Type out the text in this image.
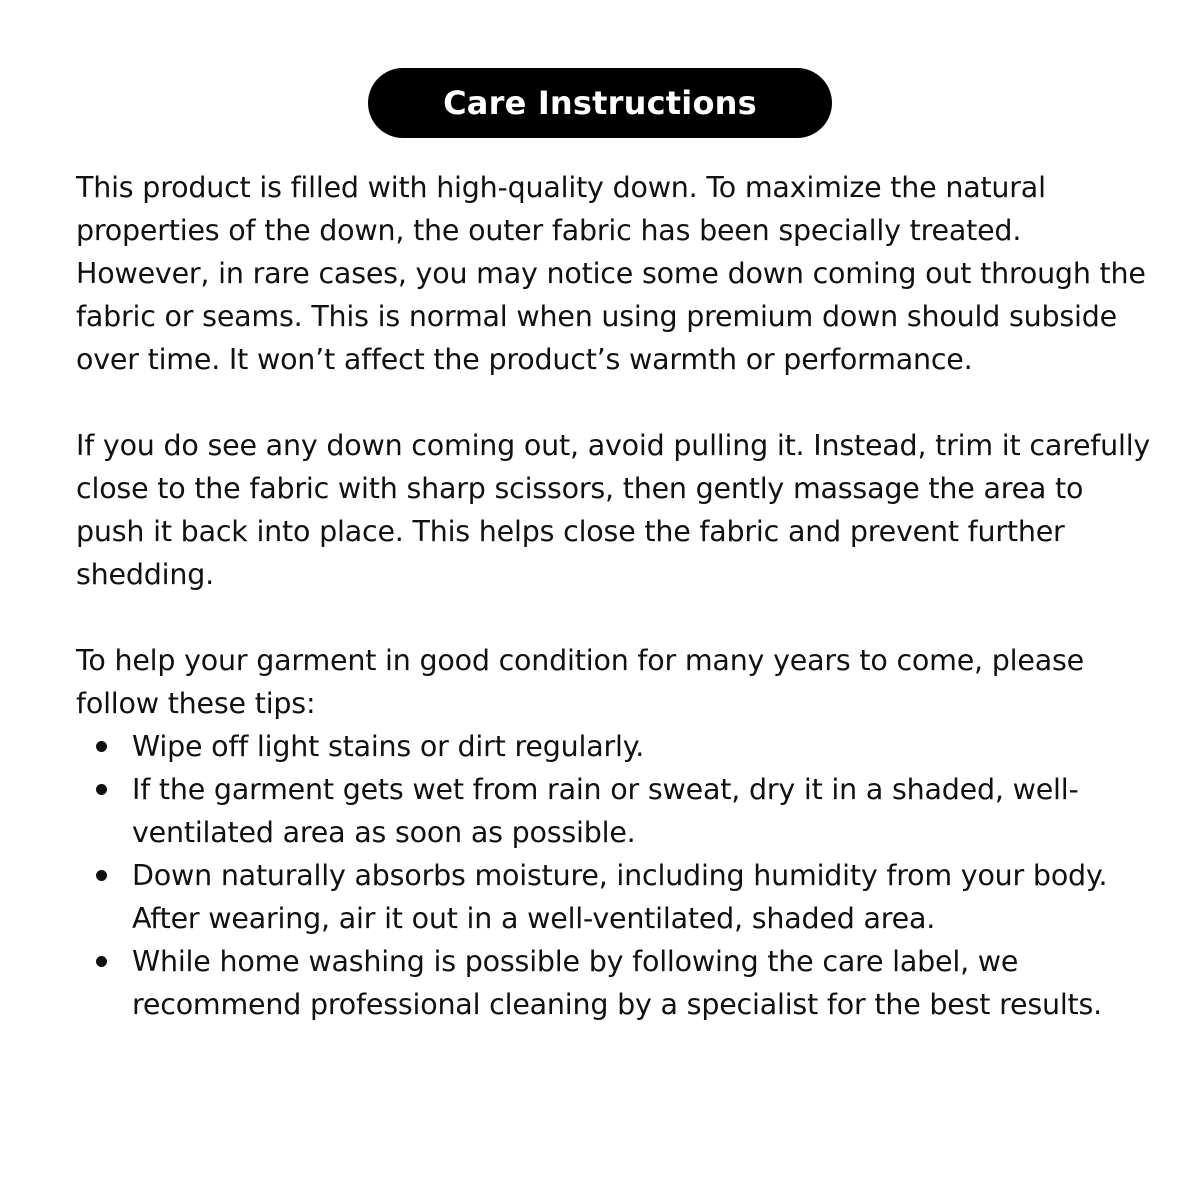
Care Instructions

This product is filled with high-quality down. To maximize the natural properties of the down, the outer fabric has been specially treated. However, in rare cases, you may notice some down coming out through the fabric or seams. This is normal when using premium down should subside over time. It won’t affect the product’s warmth or performance.

If you do see any down coming out, avoid pulling it. Instead, trim it carefully close to the fabric with sharp scissors, then gently massage the area to push it back into place. This helps close the fabric and prevent further shedding.

To help your garment in good condition for many years to come, please follow these tips:

Wipe off light stains or dirt regularly.
If the garment gets wet from rain or sweat, dry it in a shaded, well-ventilated area as soon as possible.
Down naturally absorbs moisture, including humidity from your body. After wearing, air it out in a well-ventilated, shaded area.
While home washing is possible by following the care label, we recommend professional cleaning by a specialist for the best results.
